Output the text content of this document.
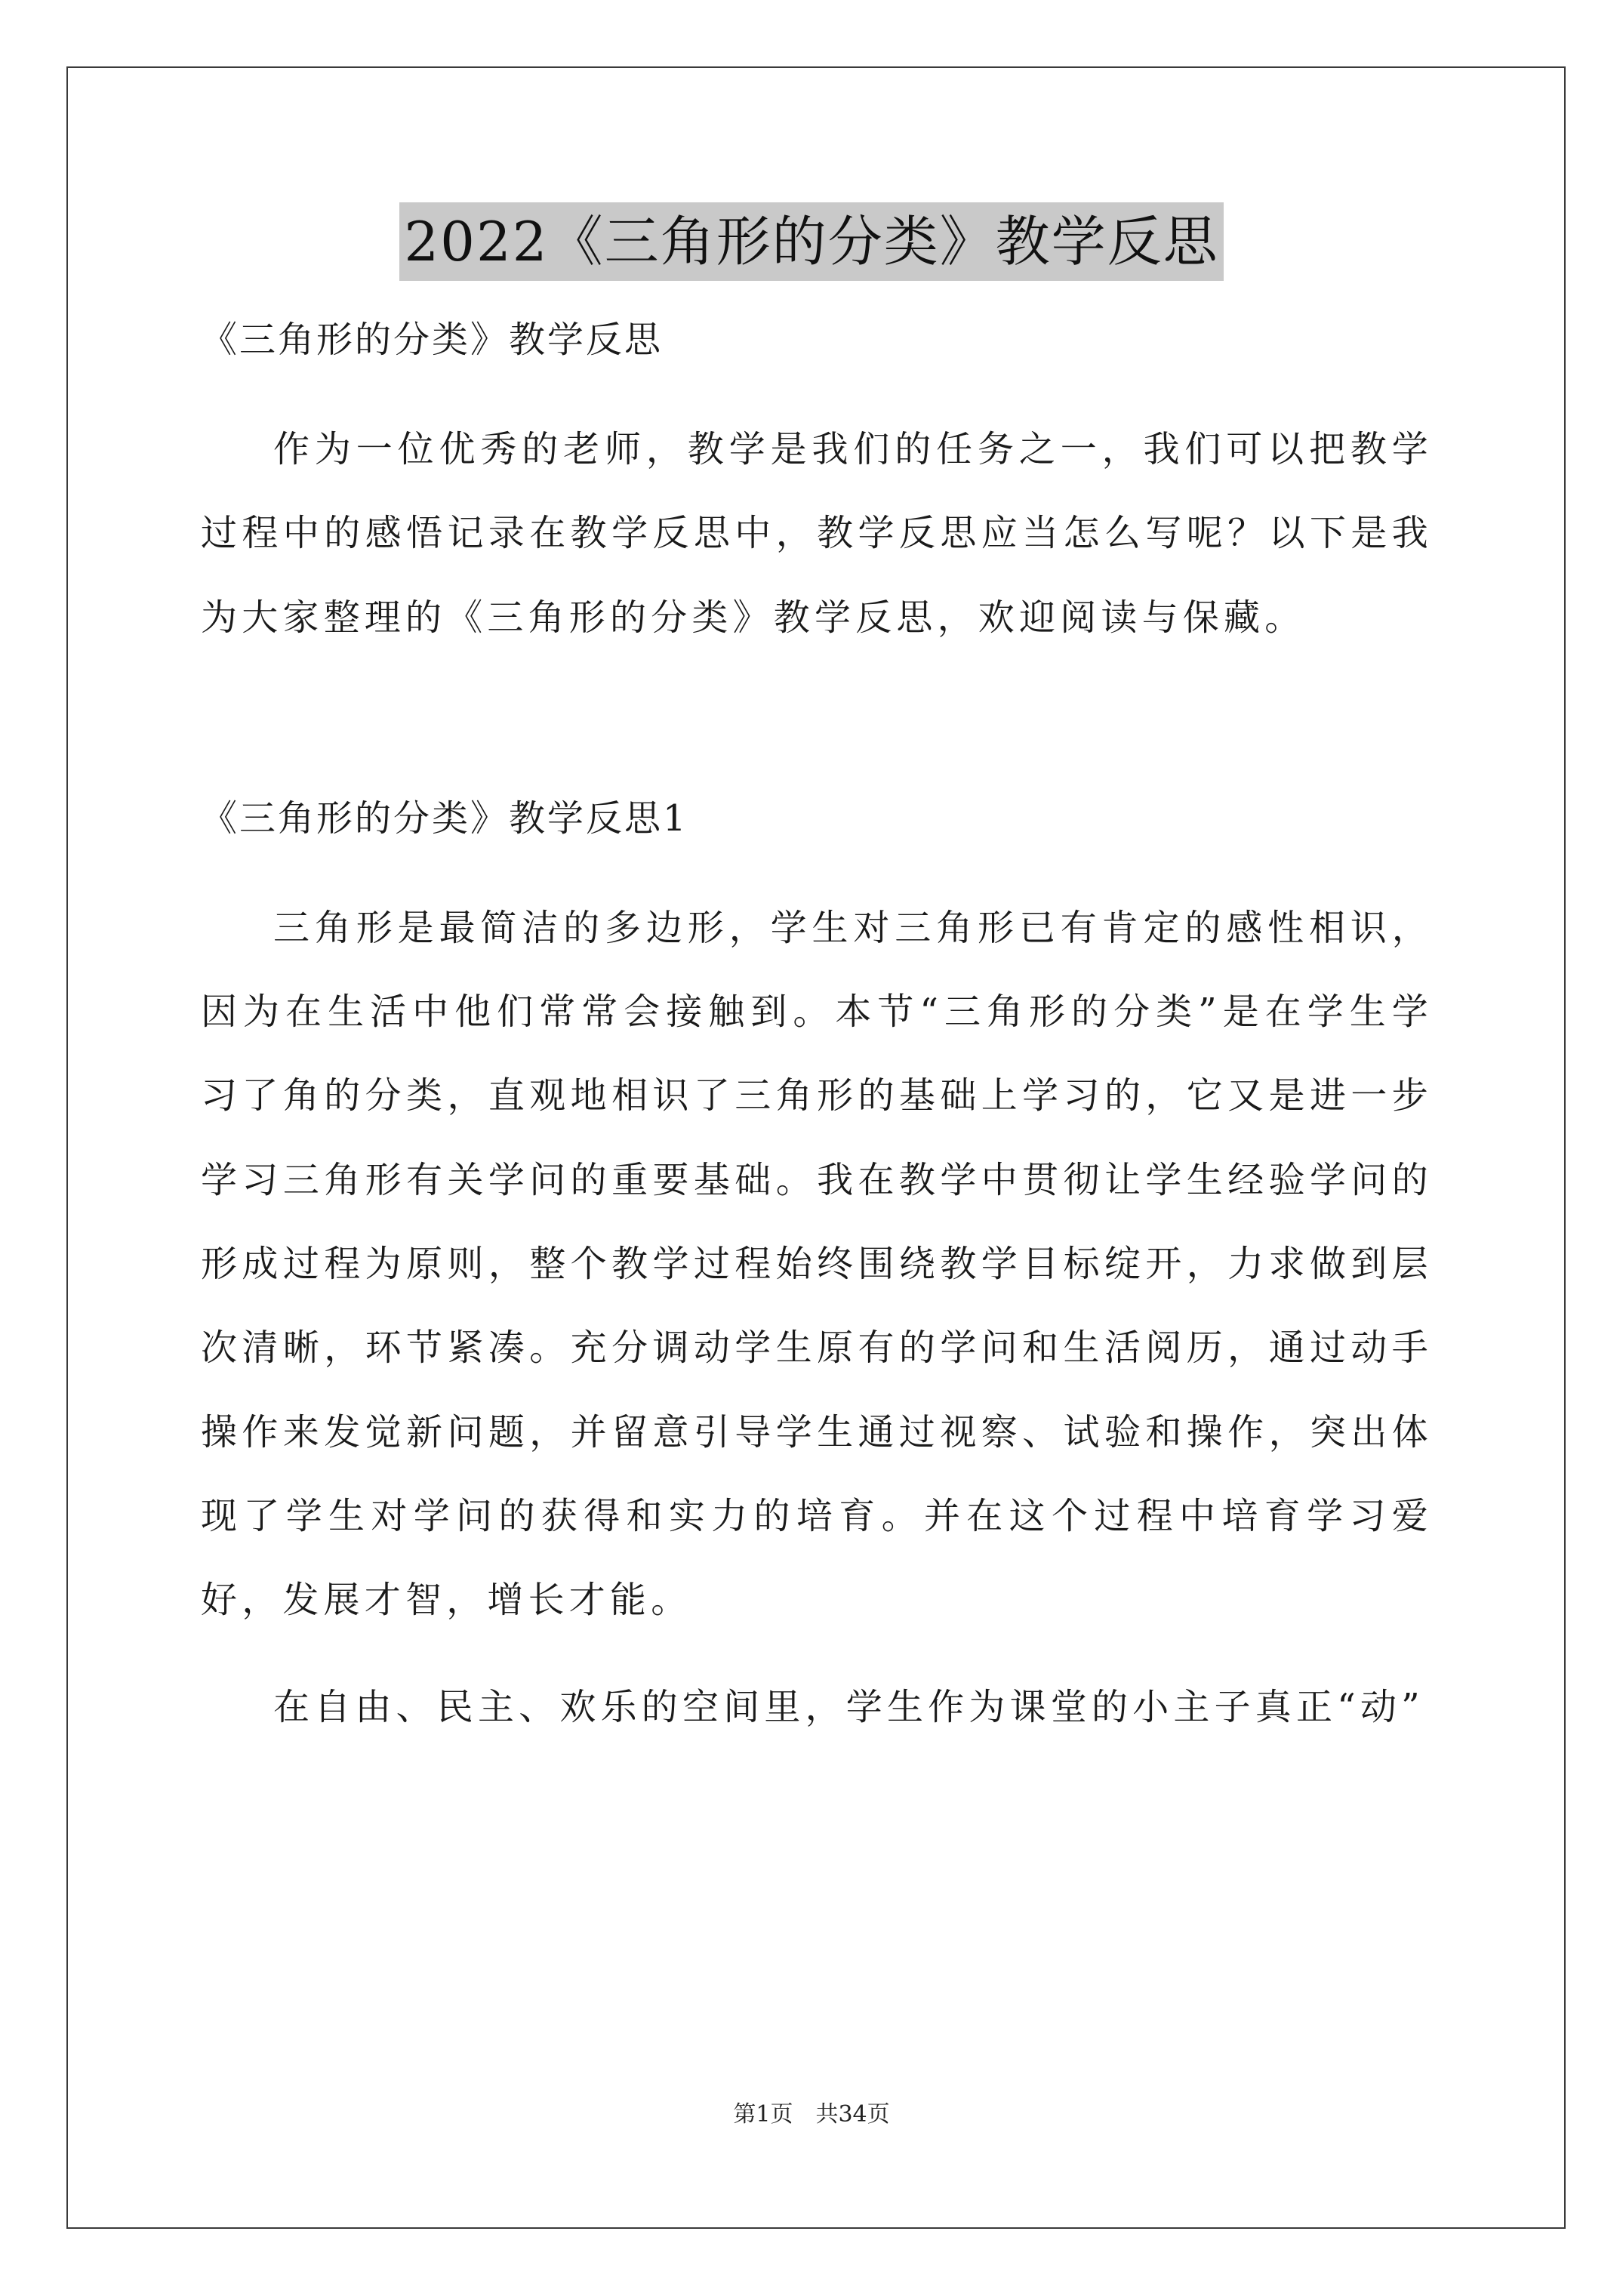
2022《三角形的分类》教学反思

《三角形的分类》教学反思

作为一位优秀的老师，教学是我们的任务之一，我们可以把教学过程中的感悟记录在教学反思中，教学反思应当怎么写呢？以下是我为大家整理的《三角形的分类》教学反思，欢迎阅读与保藏。

《三角形的分类》教学反思1

三角形是最简洁的多边形，学生对三角形已有肯定的感性相识，因为在生活中他们常常会接触到。本节“三角形的分类”是在学生学习了角的分类，直观地相识了三角形的基础上学习的，它又是进一步学习三角形有关学问的重要基础。我在教学中贯彻让学生经验学问的形成过程为原则，整个教学过程始终围绕教学目标绽开，力求做到层次清晰，环节紧凑。充分调动学生原有的学问和生活阅历，通过动手操作来发觉新问题，并留意引导学生通过视察、试验和操作，突出体现了学生对学问的获得和实力的培育。并在这个过程中培育学习爱好，发展才智，增长才能。

在自由、民主、欢乐的空间里，学生作为课堂的小主子真正“动”

第1页　共34页
